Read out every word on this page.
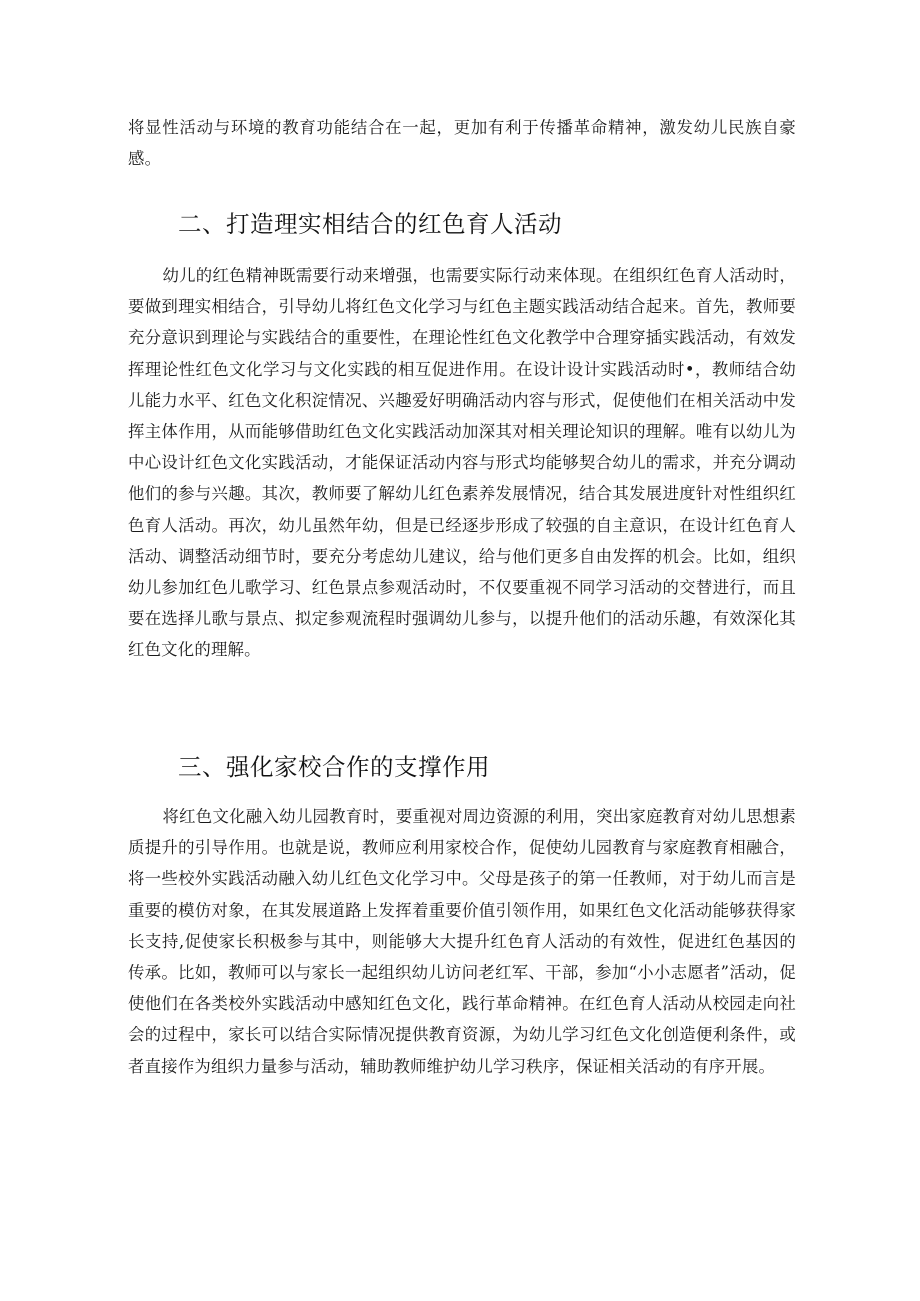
将显性活动与环境的教育功能结合在一起，更加有利于传播革命精神，激发幼儿民族自豪感。

二、打造理实相结合的红色育人活动

幼儿的红色精神既需要行动来增强，也需要实际行动来体现。在组织红色育人活动时，要做到理实相结合，引导幼儿将红色文化学习与红色主题实践活动结合起来。首先，教师要充分意识到理论与实践结合的重要性，在理论性红色文化教学中合理穿插实践活动，有效发挥理论性红色文化学习与文化实践的相互促进作用。在设计设计实践活动时•，教师结合幼儿能力水平、红色文化积淀情况、兴趣爱好明确活动内容与形式，促使他们在相关活动中发挥主体作用，从而能够借助红色文化实践活动加深其对相关理论知识的理解。唯有以幼儿为中心设计红色文化实践活动，才能保证活动内容与形式均能够契合幼儿的需求，并充分调动他们的参与兴趣。其次，教师要了解幼儿红色素养发展情况，结合其发展进度针对性组织红色育人活动。再次，幼儿虽然年幼，但是已经逐步形成了较强的自主意识，在设计红色育人活动、调整活动细节时，要充分考虑幼儿建议，给与他们更多自由发挥的机会。比如，组织幼儿参加红色儿歌学习、红色景点参观活动时，不仅要重视不同学习活动的交替进行，而且要在选择儿歌与景点、拟定参观流程时强调幼儿参与，以提升他们的活动乐趣，有效深化其红色文化的理解。

三、强化家校合作的支撑作用

将红色文化融入幼儿园教育时，要重视对周边资源的利用，突出家庭教育对幼儿思想素质提升的引导作用。也就是说，教师应利用家校合作，促使幼儿园教育与家庭教育相融合，将一些校外实践活动融入幼儿红色文化学习中。父母是孩子的第一任教师，对于幼儿而言是重要的模仿对象，在其发展道路上发挥着重要价值引领作用，如果红色文化活动能够获得家长支持,促使家长积极参与其中，则能够大大提升红色育人活动的有效性，促进红色基因的传承。比如，教师可以与家长一起组织幼儿访问老红军、干部，参加“小小志愿者”活动，促使他们在各类校外实践活动中感知红色文化，践行革命精神。在红色育人活动从校园走向社会的过程中，家长可以结合实际情况提供教育资源，为幼儿学习红色文化创造便利条件，或者直接作为组织力量参与活动，辅助教师维护幼儿学习秩序，保证相关活动的有序开展。
